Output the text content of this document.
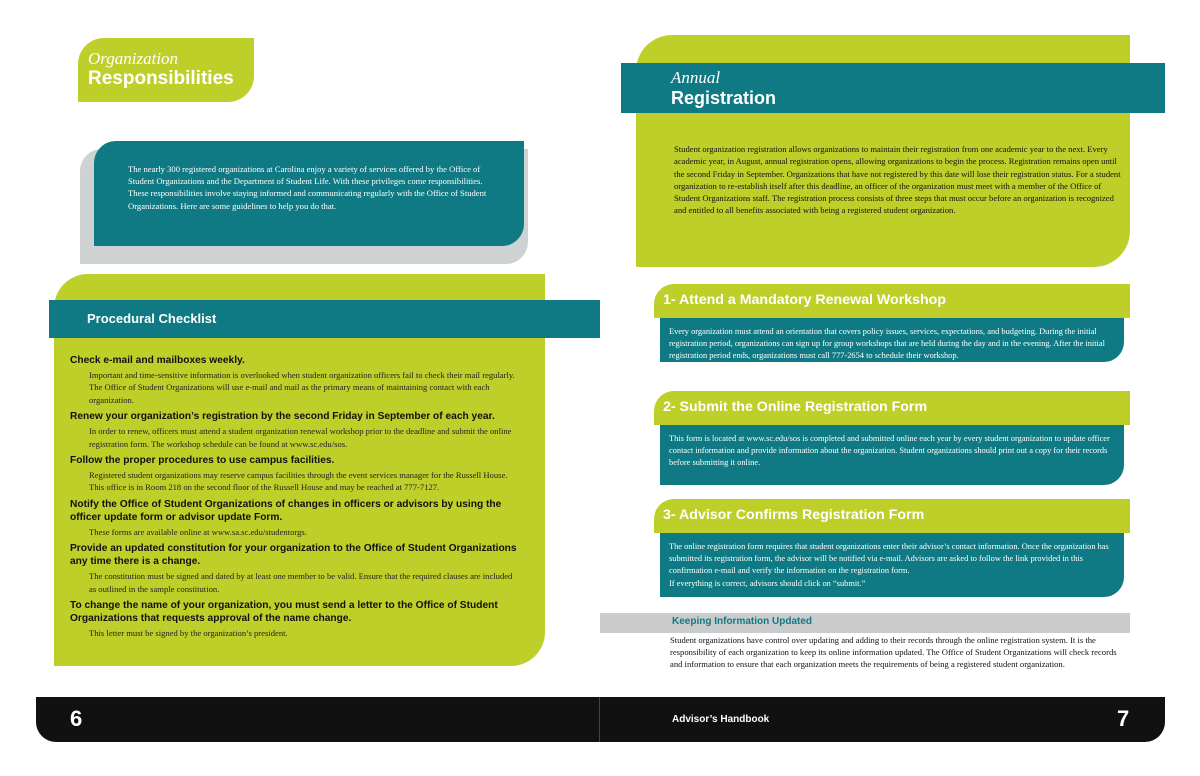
Organization
Responsibilities

The nearly 300 registered organizations at Carolina enjoy a variety of services offered by the Office of Student Organizations and the Department of Student Life. With these privileges come responsibilities. These responsibilities involve staying informed and communicating regularly with the Office of Student Organizations. Here are some guidelines to help you do that.

Procedural Checklist
Check e-mail and mailboxes weekly.
Important and time-sensitive information is overlooked when student organization officers fail to check their mail regularly. The Office of Student Organizations will use e-mail and mail as the primary means of maintaining contact with each organization.
Renew your organization’s registration by the second Friday in September of each year.
In order to renew, officers must attend a student organization renewal workshop prior to the deadline and submit the online registration form. The workshop schedule can be found at www.sc.edu/sos.
Follow the proper procedures to use campus facilities.
Registered student organizations may reserve campus facilities through the event services manager for the Russell House. This office is in Room 218 on the second floor of the Russell House and may be reached at 777-7127.
Notify the Office of Student Organizations of changes in officers or advisors by using the officer update form or advisor update Form.
These forms are available online at www.sa.sc.edu/studentorgs.
Provide an updated constitution for your organization to the Office of Student Organizations any time there is a change.
The constitution must be signed and dated by at least one member to be valid. Ensure that the required clauses are included as outlined in the sample constitution.
To change the name of your organization, you must send a letter to the Office of Student Organizations that requests approval of the name change.
This letter must be signed by the organization’s president.
Annual
Registration
Student organization registration allows organizations to maintain their registration from one academic year to the next. Every academic year, in August, annual registration opens, allowing organizations to begin the process. Registration remains open until the second Friday in September. Organizations that have not registered by this date will lose their registration status. For a student organization to re-establish itself after this deadline, an officer of the organization must meet with a member of the Office of Student Organizations staff. The registration process consists of three steps that must occur before an organization is recognized and entitled to all benefits associated with being a registered student organization.
Every organization must attend an orientation that covers policy issues, services, expectations, and budgeting. During the initial registration period, organizations can sign up for group workshops that are held during the day and in the evening. After the initial registration period ends, organizations must call 777-2654 to schedule their workshop.
1- Attend a Mandatory Renewal Workshop
This form is located at www.sc.edu/sos is completed and submitted online each year by every student organization to update officer contact information and provide information about the organization. Student organizations should print out a copy for their records before submitting it online.
2- Submit the Online Registration Form
The online registration form requires that student organizations enter their advisor’s contact information. Once the organization has submitted its registration form, the advisor will be notified via e-mail. Advisors are asked to follow the link provided in this confirmation e-mail and verify the information on the registration form.
If everything is correct, advisors should click on “submit.”
3- Advisor Confirms Registration Form
Keeping Information Updated
Student organizations have control over updating and adding to their records through the online registration system. It is the responsibility of each organization to keep its online information updated. The Office of Student Organizations will check records and information to ensure that each organization meets the requirements of being a registered student organization.
6	Advisor’s Handbook	7
